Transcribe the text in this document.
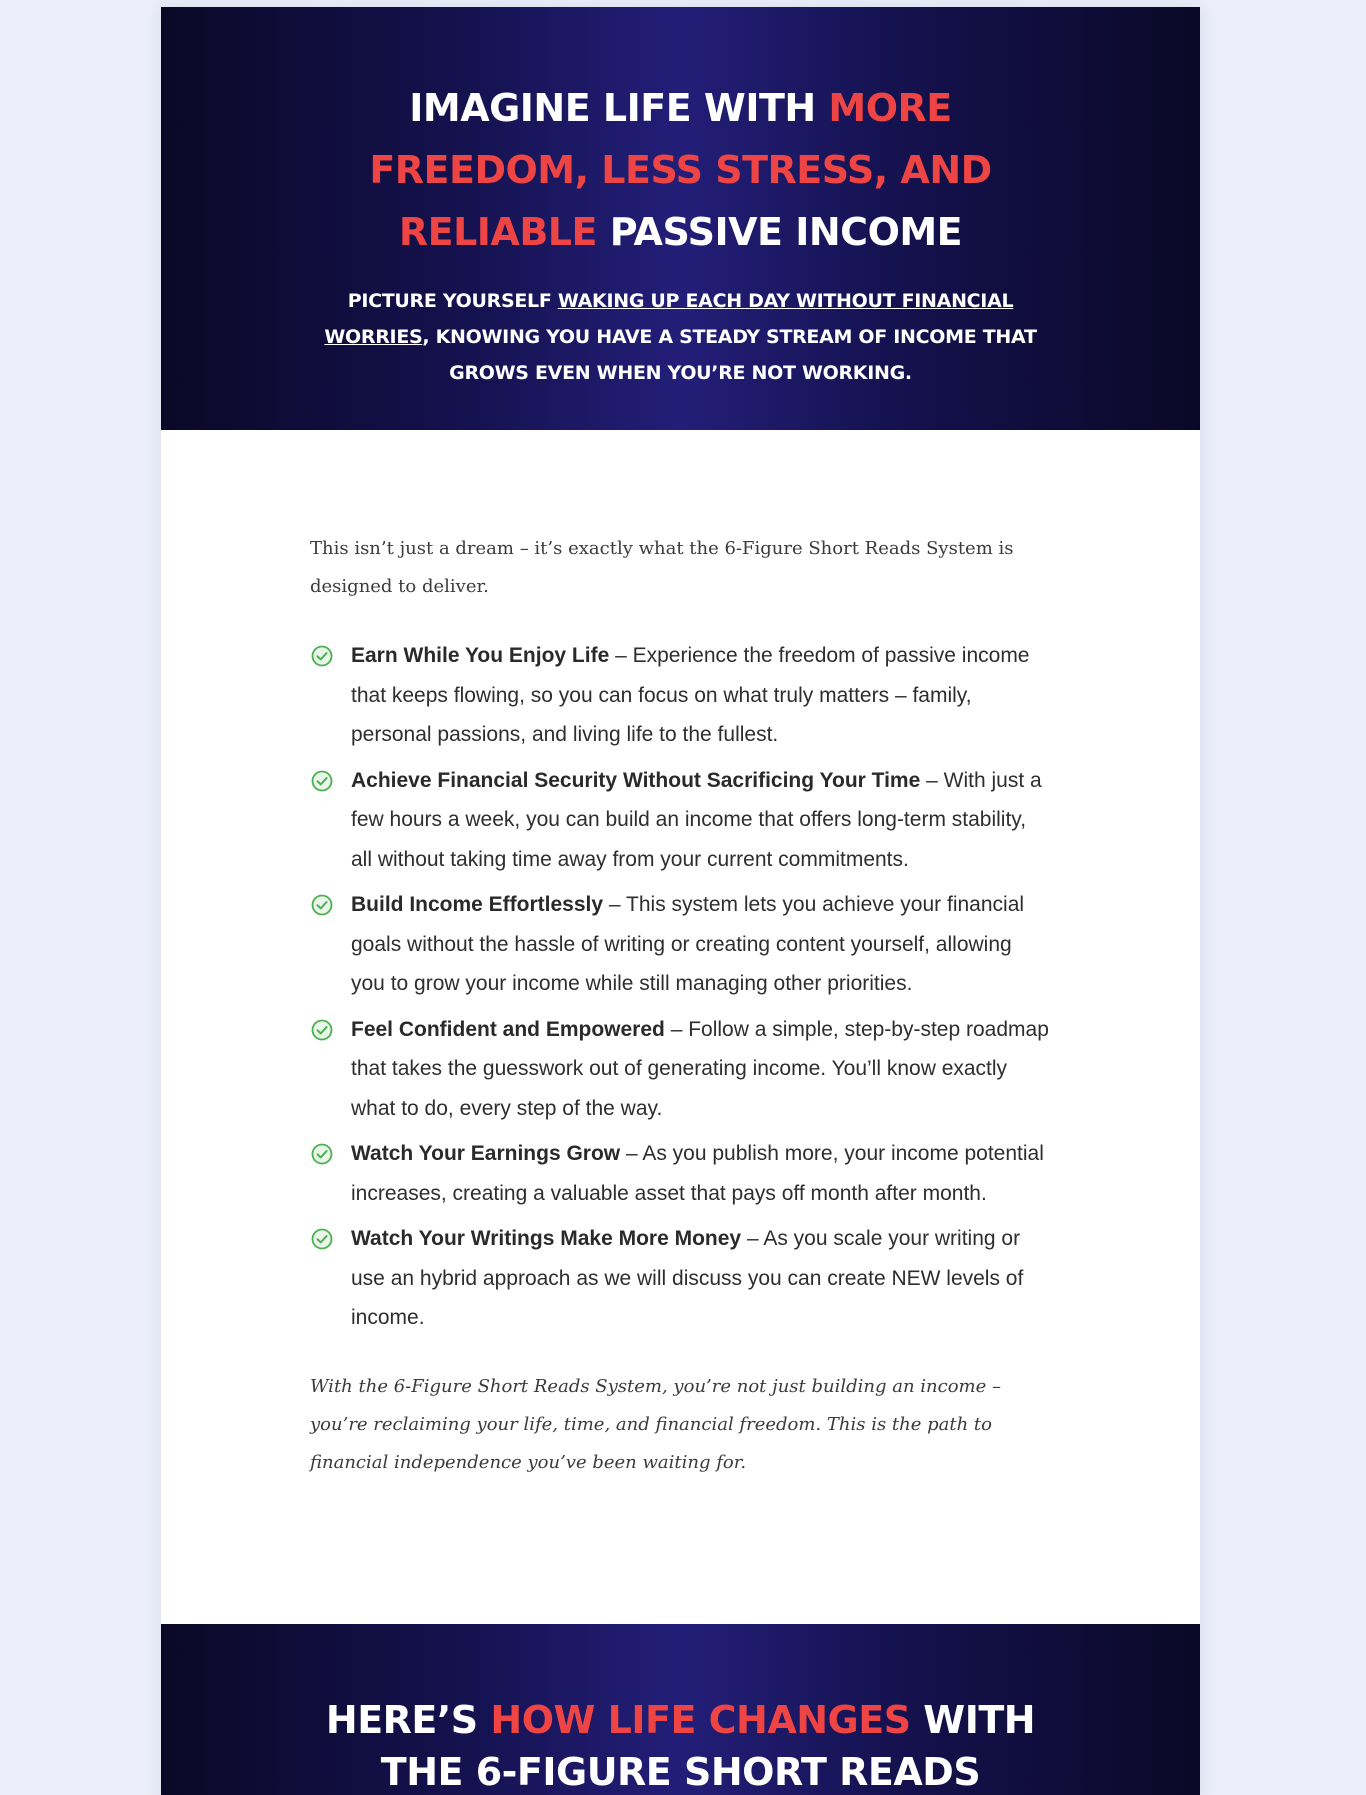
IMAGINE LIFE WITH MORE FREEDOM, LESS STRESS, AND RELIABLE PASSIVE INCOME

PICTURE YOURSELF WAKING UP EACH DAY WITHOUT FINANCIAL WORRIES, KNOWING YOU HAVE A STEADY STREAM OF INCOME THAT GROWS EVEN WHEN YOU’RE NOT WORKING.

This isn’t just a dream – it’s exactly what the 6-Figure Short Reads System is designed to deliver.

Earn While You Enjoy Life – Experience the freedom of passive income that keeps flowing, so you can focus on what truly matters – family, personal passions, and living life to the fullest.
Achieve Financial Security Without Sacrificing Your Time – With just a few hours a week, you can build an income that offers long-term stability, all without taking time away from your current commitments.
Build Income Effortlessly – This system lets you achieve your financial goals without the hassle of writing or creating content yourself, allowing you to grow your income while still managing other priorities.
Feel Confident and Empowered – Follow a simple, step-by-step roadmap that takes the guesswork out of generating income. You’ll know exactly what to do, every step of the way.
Watch Your Earnings Grow – As you publish more, your income potential increases, creating a valuable asset that pays off month after month.
Watch Your Writings Make More Money – As you scale your writing or use an hybrid approach as we will discuss you can create NEW levels of income.

With the 6-Figure Short Reads System, you’re not just building an income – you’re reclaiming your life, time, and financial freedom. This is the path to financial independence you’ve been waiting for.

HERE’S HOW LIFE CHANGES WITH THE 6-FIGURE SHORT READS
